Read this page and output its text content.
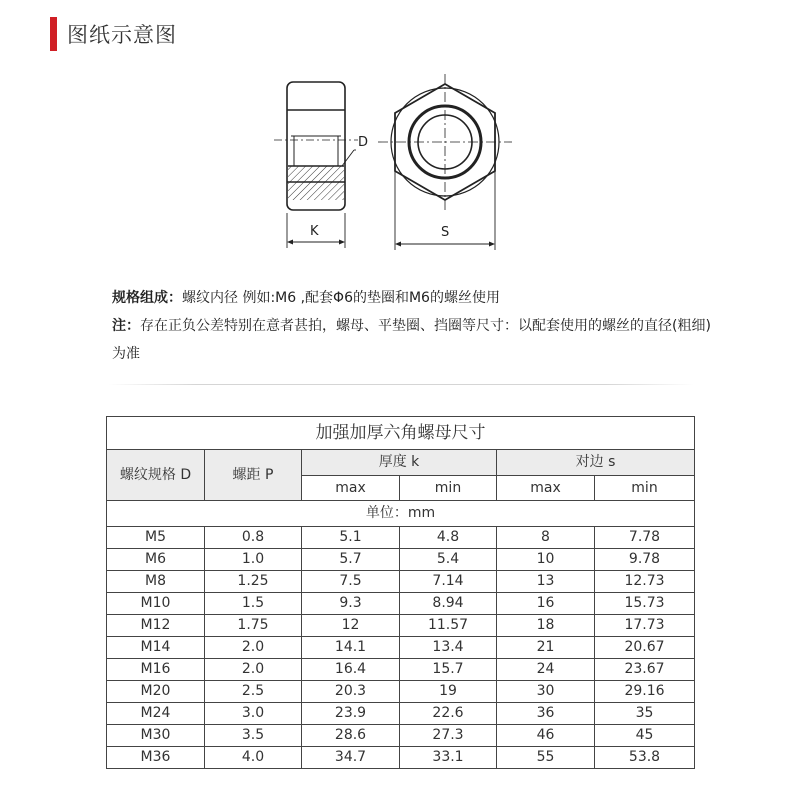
图纸示意图
D
K	S

规格组成：螺纹内径 例如:M6 ,配套Φ6的垫圈和M6的螺丝使用

注：存在正负公差特别在意者甚拍，螺母、平垫圈、挡圈等尺寸：以配套使用的螺丝的直径(粗细)为准

加强加厚六角螺母尺寸					
螺纹规格 D	螺距 P	厚度 k		对边 s	
		max	min	max	min
单位：mm					
M5	0.8	5.1	4.8	8	7.78
M6	1.0	5.7	5.4	10	9.78
M8	1.25	7.5	7.14	13	12.73
M10	1.5	9.3	8.94	16	15.73
M12	1.75	12	11.57	18	17.73
M14	2.0	14.1	13.4	21	20.67
M16	2.0	16.4	15.7	24	23.67
M20	2.5	20.3	19	30	29.16
M24	3.0	23.9	22.6	36	35
M30	3.5	28.6	27.3	46	45
M36	4.0	34.7	33.1	55	53.8
